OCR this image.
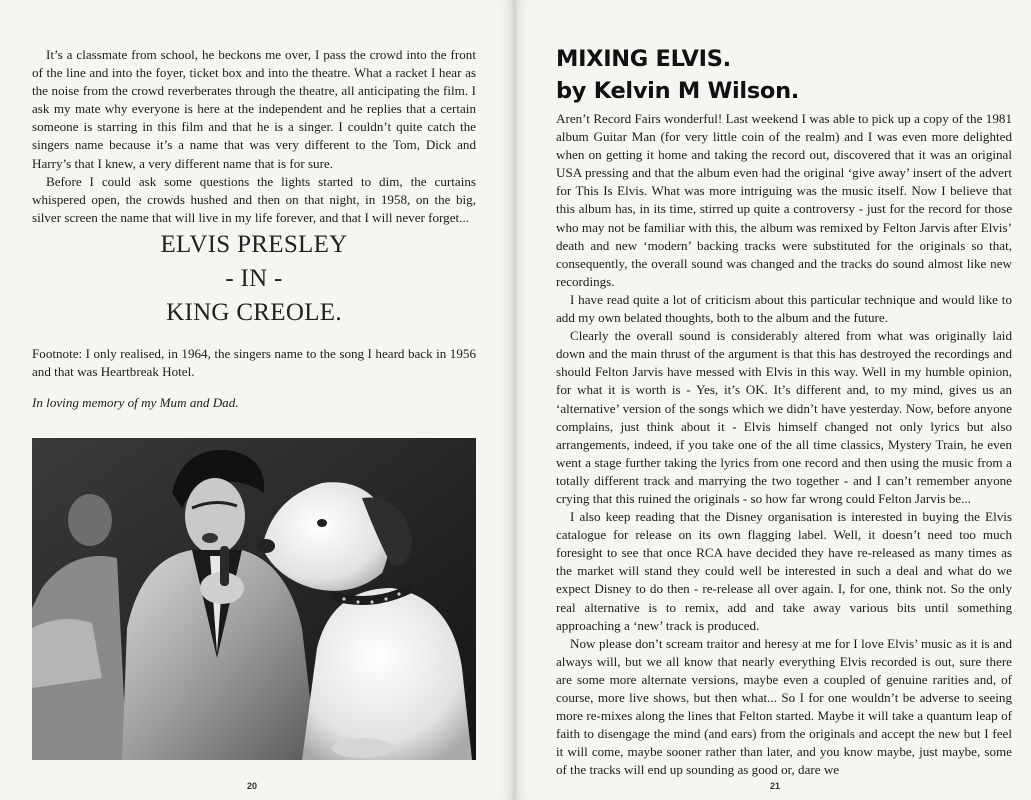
It’s a classmate from school, he beckons me over, I pass the crowd into the front of the line and into the foyer, ticket box and into the theatre. What a racket I hear as the noise from the crowd reverberates through the theatre, all anticipating the film. I ask my mate why everyone is here at the independent and he replies that a certain someone is starring in this film and that he is a singer. I couldn’t quite catch the singers name because it’s a name that was very different to the Tom, Dick and Harry’s that I knew, a very different name that is for sure.

Before I could ask some questions the lights started to dim, the curtains whispered open, the crowds hushed and then on that night, in 1958, on the big, silver screen the name that will live in my life forever, and that I will never forget...

ELVIS PRESLEY
- IN -
KING CREOLE.

Footnote: I only realised, in 1964, the singers name to the song I heard back in 1956 and that was Heartbreak Hotel.

In loving memory of my Mum and Dad.

20

MIXING ELVIS.
by Kelvin M Wilson.

Aren’t Record Fairs wonderful! Last weekend I was able to pick up a copy of the 1981 album Guitar Man (for very little coin of the realm) and I was even more delighted when on getting it home and taking the record out, discovered that it was an original USA pressing and that the album even had the original ‘give away’ insert of the advert for This Is Elvis. What was more intriguing was the music itself. Now I believe that this album has, in its time, stirred up quite a controversy - just for the record for those who may not be familiar with this, the album was remixed by Felton Jarvis after Elvis’ death and new ‘modern’ backing tracks were substituted for the originals so that, consequently, the overall sound was changed and the tracks do sound almost like new recordings.

I have read quite a lot of criticism about this particular technique and would like to add my own belated thoughts, both to the album and the future.

Clearly the overall sound is considerably altered from what was originally laid down and the main thrust of the argument is that this has destroyed the recordings and should Felton Jarvis have messed with Elvis in this way. Well in my humble opinion, for what it is worth is - Yes, it’s OK. It’s different and, to my mind, gives us an ‘alternative’ version of the songs which we didn’t have yesterday. Now, before anyone complains, just think about it - Elvis himself changed not only lyrics but also arrangements, indeed, if you take one of the all time classics, Mystery Train, he even went a stage further taking the lyrics from one record and then using the music from a totally different track and marrying the two together - and I can’t remember anyone crying that this ruined the originals - so how far wrong could Felton Jarvis be...

I also keep reading that the Disney organisation is interested in buying the Elvis catalogue for release on its own flagging label. Well, it doesn’t need too much foresight to see that once RCA have decided they have re-released as many times as the market will stand they could well be interested in such a deal and what do we expect Disney to do then - re-release all over again. I, for one, think not. So the only real alternative is to remix, add and take away various bits until something approaching a ‘new’ track is produced.

Now please don’t scream traitor and heresy at me for I love Elvis’ music as it is and always will, but we all know that nearly everything Elvis recorded is out, sure there are some more alternate versions, maybe even a coupled of genuine rarities and, of course, more live shows, but then what... So I for one wouldn’t be adverse to seeing more re-mixes along the lines that Felton started. Maybe it will take a quantum leap of faith to disengage the mind (and ears) from the originals and accept the new but I feel it will come, maybe sooner rather than later, and you know maybe, just maybe, some of the tracks will end up sounding as good or, dare we

21
